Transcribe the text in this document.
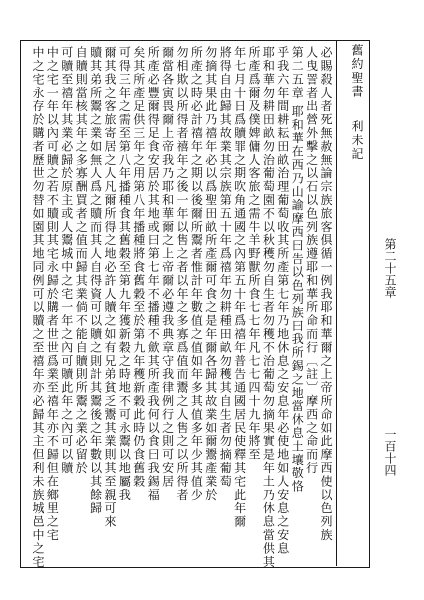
舊約聖書
利未記
必賜殺人者死無赦無論宗族旅客俱循一例我耶和華爾之上帝所命如此摩西使以色列族
人曳詈者出營外擊之以石以色列族遵耶和華所命而行〔註〕摩西之命而行
第二五章 耶和華在西乃山諭摩西曰告以色列族曰我所錫之地當休息土壤敬恪
乎我六年間耕耘田畝治理葡萄收其所產第七年乃地休息之安息年必使地如人安息之安息
耶和華勿耕田畝勿治葡萄園不以秋穫勿自生者勿穫不治葡萄勿摘果實是年土乃休息當供其
所產爲爾及僕婢傭人客旅之需牛羊野獸所食七七年凡七七四十九年將至
年七月十日爲贖罪之期吹角通國之內第五十年爲禧年普告通國居民使釋其宅此年爾
將得自由歸其故業其宗族第五十年爲禧年勿耕種田畝勿穫其自生者勿摘葡萄
勿摘其果此乃禧年必以爲聖田畝所產爾可食之是年爾各歸其故業如爾鬻產業於
所產之時必計禧年之期以後爾所鬻者惟計年數值之值如年多其值多年少其值少
勿相欺以所得者禧年之後一年以售之者以年之多寡爲值而鬻之人售之以所得者
爾當各寅畏爾上帝我乃耶和華爾之上帝爾必遵我典章守我律例行之則可安居
所產必豐爾得足食安居於其地或曰第七年不播種不歛其所產我何以食曰我錫福
矣其所產足供三年之用第八年播種將食舊穀至於第九年穫新穀此時仍食舊穀
可得三年之需至第八年播種食其舊穀至第九年獲新穀之時地不可永鬻以地屬我
爾其我之客旅寄居之人凡爾所得之地必許人贖之如有兄弟貧乏鬻其業則其至親可來
贖其弟所鬻之業如無人爲之贖而其人自得資可以贖之則計其鬻後之年數以其餘歸
自贖則當核其年之多寡酬買者之值而歸其業倘不能自贖則所鬻之業必留於
可贖至禧年其業必歸於原主或人鬻城中之宅一年之內可贖此年之內可以贖
中之宅一年以內可贖之若不贖則其宅永歸於購者世世爲業至禧年亦不歸但在鄉里之宅
中之宅永存於購者歷世勿替如園其地同例可以贖之至禧年亦必歸其主但利未族城邑中之宅	第二十五章
一百十四
